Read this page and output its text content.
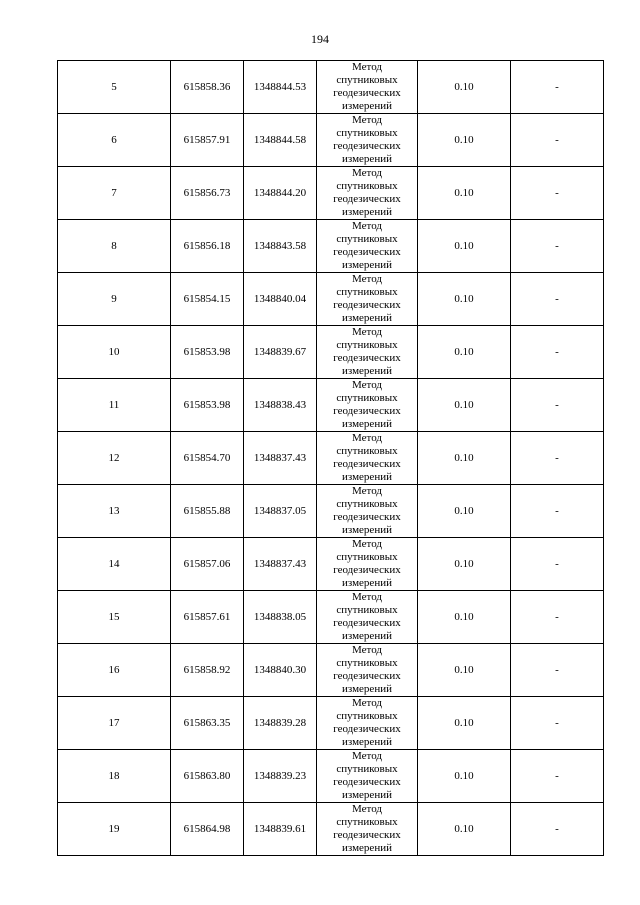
194
5	615858.36	1348844.53	Метод
спутниковых
геодезических
измерений	0.10	-
6	615857.91	1348844.58	Метод
спутниковых
геодезических
измерений	0.10	-
7	615856.73	1348844.20	Метод
спутниковых
геодезических
измерений	0.10	-
8	615856.18	1348843.58	Метод
спутниковых
геодезических
измерений	0.10	-
9	615854.15	1348840.04	Метод
спутниковых
геодезических
измерений	0.10	-
10	615853.98	1348839.67	Метод
спутниковых
геодезических
измерений	0.10	-
11	615853.98	1348838.43	Метод
спутниковых
геодезических
измерений	0.10	-
12	615854.70	1348837.43	Метод
спутниковых
геодезических
измерений	0.10	-
13	615855.88	1348837.05	Метод
спутниковых
геодезических
измерений	0.10	-
14	615857.06	1348837.43	Метод
спутниковых
геодезических
измерений	0.10	-
15	615857.61	1348838.05	Метод
спутниковых
геодезических
измерений	0.10	-
16	615858.92	1348840.30	Метод
спутниковых
геодезических
измерений	0.10	-
17	615863.35	1348839.28	Метод
спутниковых
геодезических
измерений	0.10	-
18	615863.80	1348839.23	Метод
спутниковых
геодезических
измерений	0.10	-
19	615864.98	1348839.61	Метод
спутниковых
геодезических
измерений	0.10	-
